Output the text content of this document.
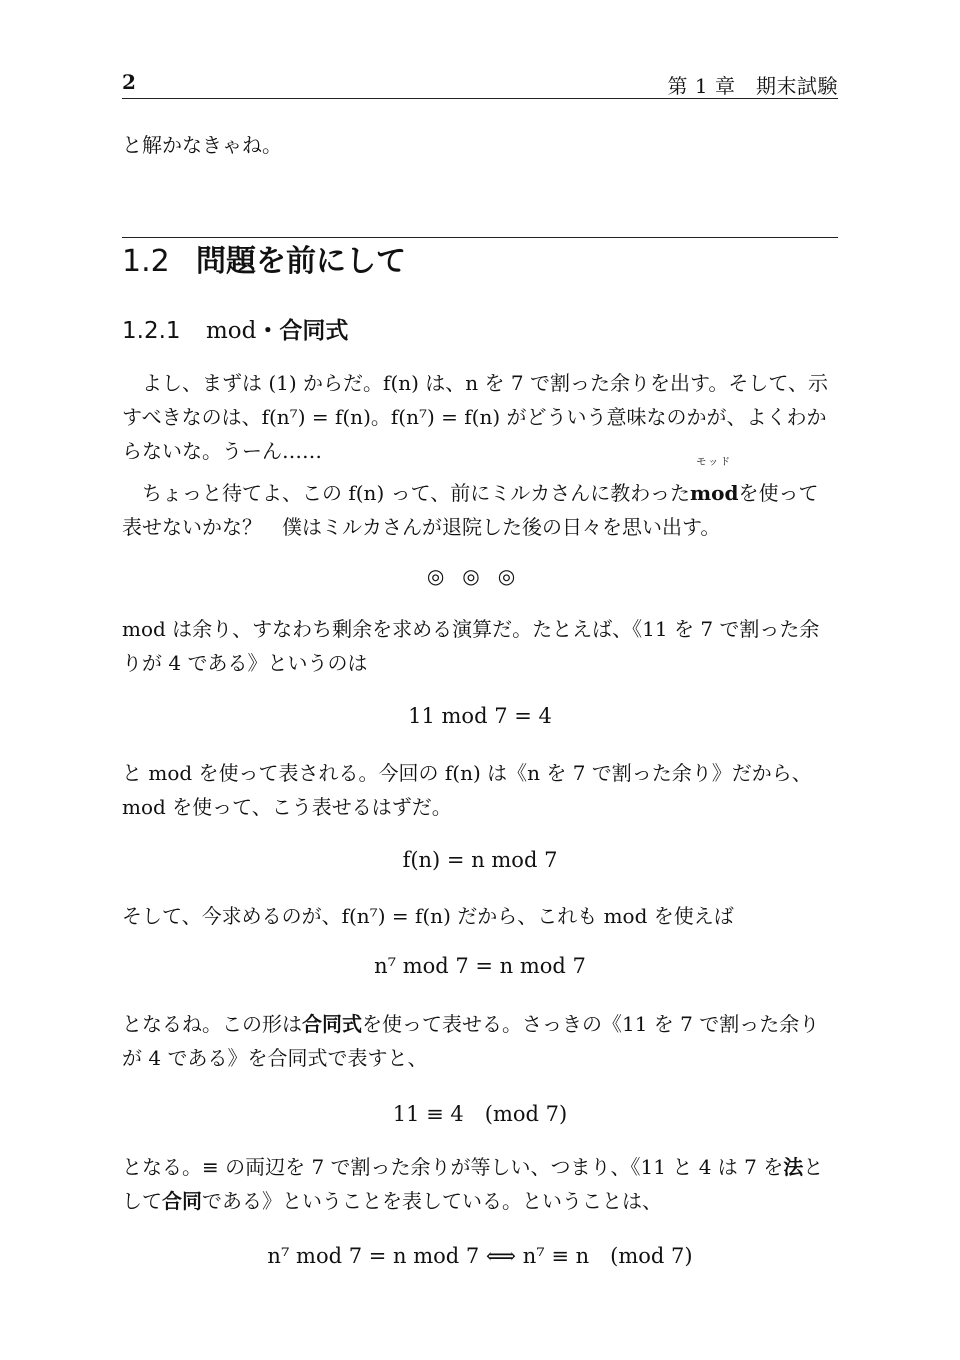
2	第 1 章　期末試験
と解かなきゃね。
1.2 問題を前にして
1.2.1 mod・合同式
よし、まずは (1) からだ。f(n) は、n を 7 で割った余りを出す。そして、示すべきなのは、f(n⁷) = f(n)。f(n⁷) = f(n) がどういう意味なのかが、よくわからないな。うーん……
ちょっと待てよ、この f(n) って、前にミルカさんに教わったmod
モッド
を使って表せないかな？　僕はミルカさんが退院した後の日々を思い出す。
◎◎◎
mod は余り、すなわち剰余を求める演算だ。たとえば、《11 を 7 で割った余りが 4 である》というのは
11 mod 7 = 4
と mod を使って表される。今回の f(n) は《n を 7 で割った余り》だから、mod を使って、こう表せるはずだ。
f(n) = n mod 7
そして、今求めるのが、f(n⁷) = f(n) だから、これも mod を使えば
n⁷ mod 7 = n mod 7
となるね。この形は合同式を使って表せる。さっきの《11 を 7 で割った余りが 4 である》を合同式で表すと、
11 ≡ 4　(mod 7)
となる。≡ の両辺を 7 で割った余りが等しい、つまり、《11 と 4 は 7 を法として合同である》ということを表している。ということは、
n⁷ mod 7 = n mod 7 ⟺ n⁷ ≡ n　(mod 7)
